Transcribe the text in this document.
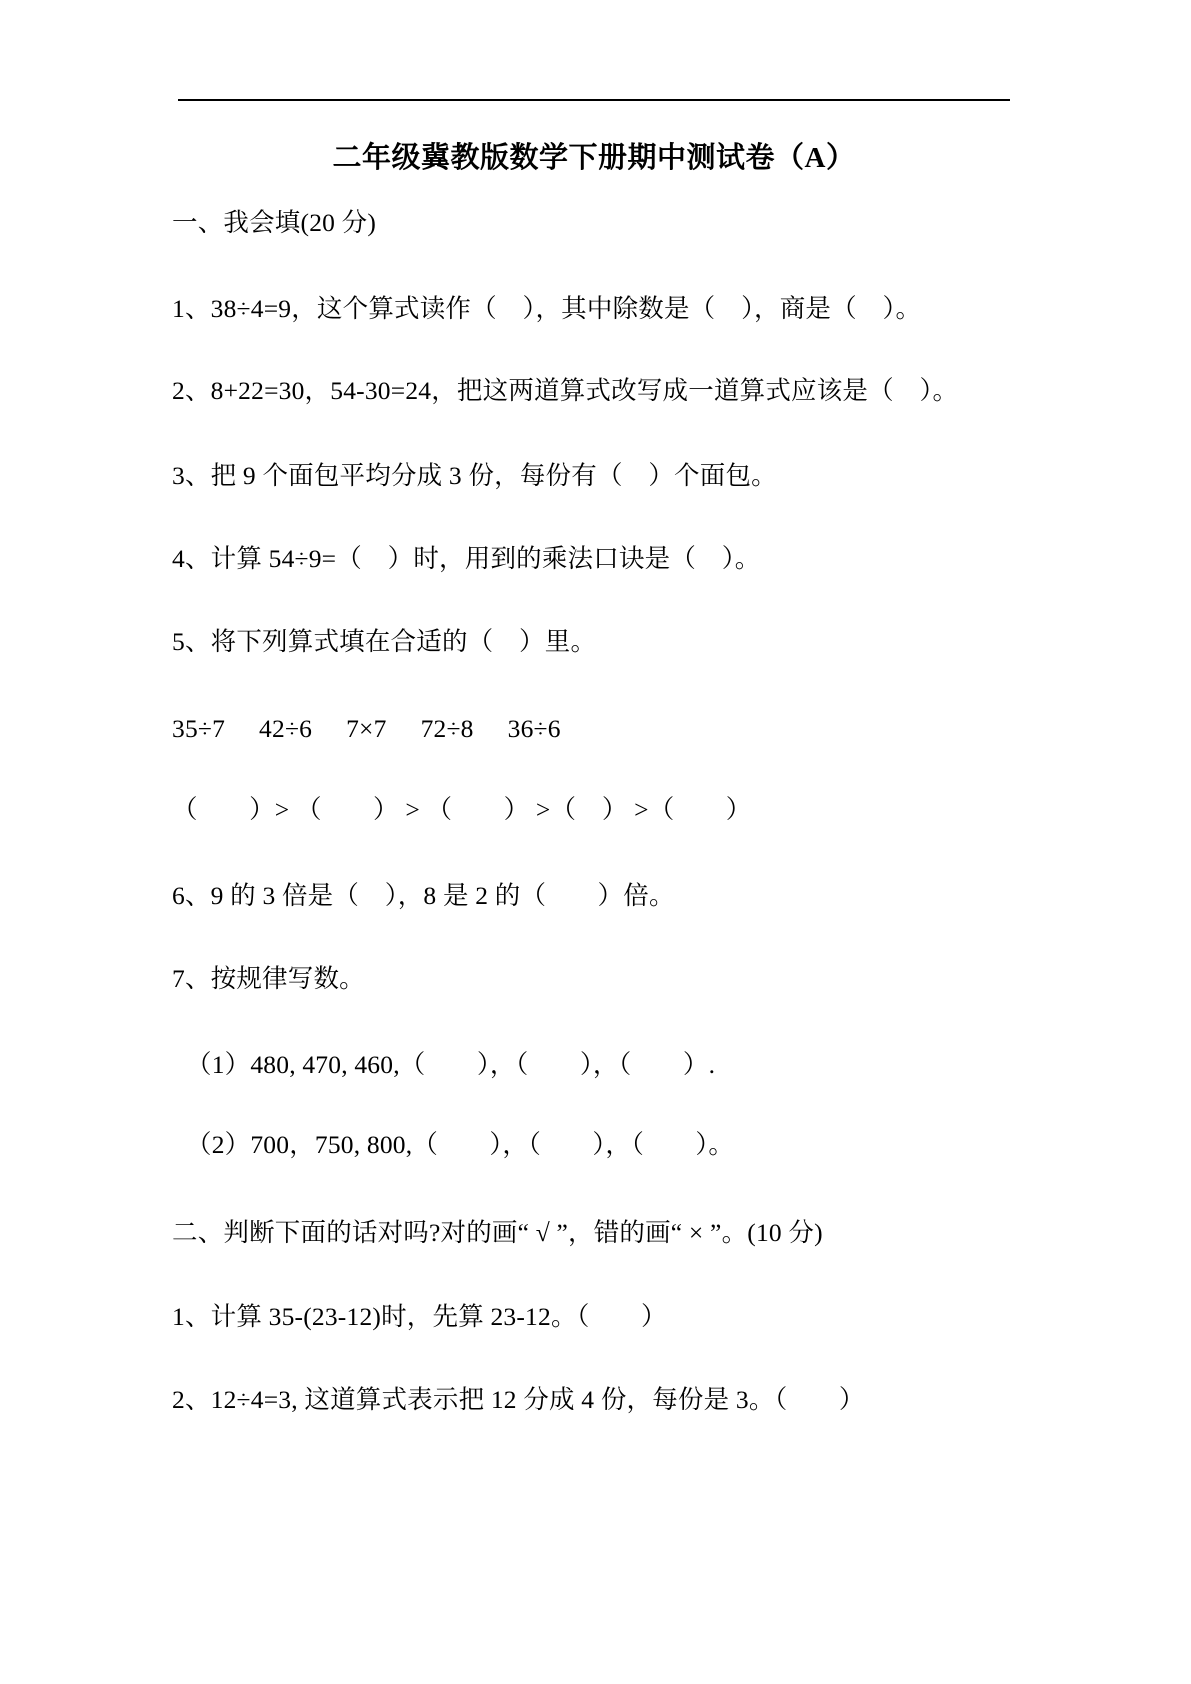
二年级冀教版数学下册期中测试卷（A）
一、我会填(20 分)
1、38÷4=9，这个算式读作（　），其中除数是（　），商是（　）。
2、8+22=30，54-30=24，把这两道算式改写成一道算式应该是（　）。
3、把 9 个面包平均分成 3 份，每份有（　）个面包。
4、计算 54÷9=（　）时，用到的乘法口诀是（　）。
5、将下列算式填在合适的（　）里。
35÷7 42÷6 7×7 72÷8 36÷6
（　　）> （　　） > （　　） >（　） >（　　）
6、9 的 3 倍是（　），8 是 2 的（　　）倍。
7、按规律写数。
（1）480, 470, 460,（　　），（　　），（　　）.
（2）700，750, 800,（　　），（　　），（　　）。
二、判断下面的话对吗?对的画“ √ ”，错的画“ × ”。(10 分)
1、计算 35-(23-12)时，先算 23-12。（　　）
2、12÷4=3, 这道算式表示把 12 分成 4 份，每份是 3。（　　）
